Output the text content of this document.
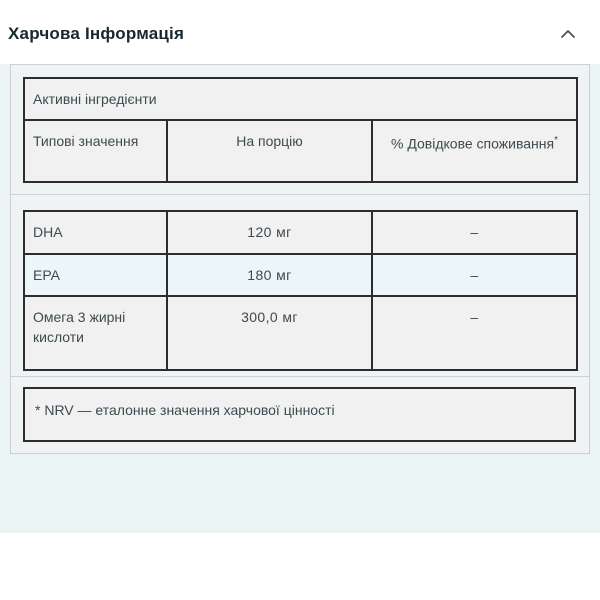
Харчова Інформація
Активні інгредієнти
Типові значення	На порцію	% Довідкове споживання*
DHA	120 мг	–
EPA	180 мг	–
Омега 3 жирні кислоти	300,0 мг	–
* NRV — еталонне значення харчової цінності
